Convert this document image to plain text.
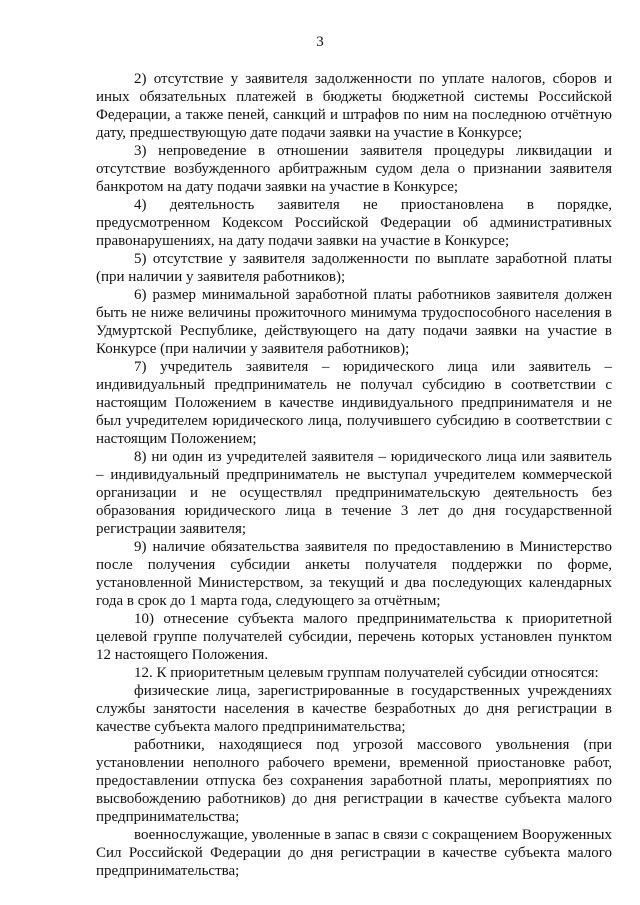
3

2) отсутствие у заявителя задолженности по уплате налогов, сборов и иных обязательных платежей в бюджеты бюджетной системы Российской Федерации, а также пеней, санкций и штрафов по ним на последнюю отчётную дату, предшествующую дате подачи заявки на участие в Конкурсе;

3) непроведение в отношении заявителя процедуры ликвидации и отсутствие возбужденного арбитражным судом дела о признании заявителя банкротом на дату подачи заявки на участие в Конкурсе;

4) деятельность заявителя не приостановлена в порядке, предусмотренном Кодексом Российской Федерации об административных правонарушениях, на дату подачи заявки на участие в Конкурсе;

5) отсутствие у заявителя задолженности по выплате заработной платы (при наличии у заявителя работников);

6) размер минимальной заработной платы работников заявителя должен быть не ниже величины прожиточного минимума трудоспособного населения в Удмуртской Республике, действующего на дату подачи заявки на участие в Конкурсе (при наличии у заявителя работников);

7) учредитель заявителя – юридического лица или заявитель – индивидуальный предприниматель не получал субсидию в соответствии с настоящим Положением в качестве индивидуального предпринимателя и не был учредителем юридического лица, получившего субсидию в соответствии с настоящим Положением;

8) ни один из учредителей заявителя – юридического лица или заявитель – индивидуальный предприниматель не выступал учредителем коммерческой организации и не осуществлял предпринимательскую деятельность без образования юридического лица в течение 3 лет до дня государственной регистрации заявителя;

9) наличие обязательства заявителя по предоставлению в Министерство после получения субсидии анкеты получателя поддержки по форме, установленной Министерством, за текущий и два последующих календарных года в срок до 1 марта года, следующего за отчётным;

10) отнесение субъекта малого предпринимательства к приоритетной целевой группе получателей субсидии, перечень которых установлен пунктом 12 настоящего Положения.

12. К приоритетным целевым группам получателей субсидии относятся:

физические лица, зарегистрированные в государственных учреждениях службы занятости населения в качестве безработных до дня регистрации в качестве субъекта малого предпринимательства;

работники, находящиеся под угрозой массового увольнения (при установлении неполного рабочего времени, временной приостановке работ, предоставлении отпуска без сохранения заработной платы, мероприятиях по высвобождению работников) до дня регистрации в качестве субъекта малого предпринимательства;

военнослужащие, уволенные в запас в связи с сокращением Вооруженных Сил Российской Федерации до дня регистрации в качестве субъекта малого предпринимательства;
